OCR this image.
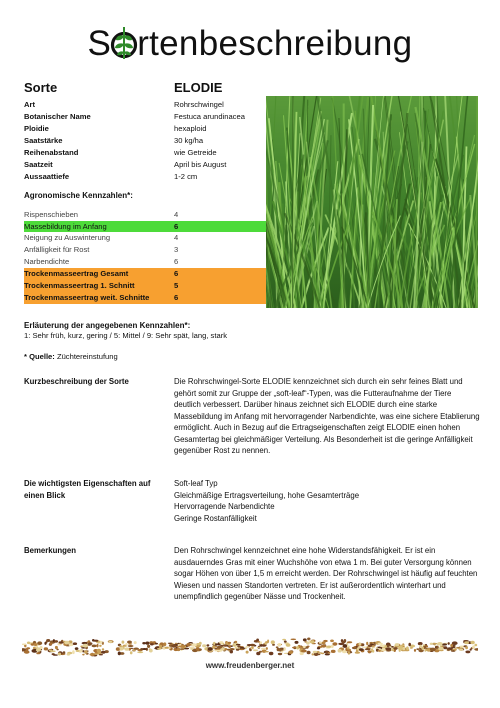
S rtenbeschreibung
Sorte	ELODIE
Art	Rohrschwingel
Botanischer Name	Festuca arundinacea
Ploidie	hexaploid
Saatstärke	30 kg/ha
Reihenabstand	wie Getreide
Saatzeit	April bis August
Aussaattiefe	1-2 cm
Agronomische Kennzahlen*:
Rispenschieben	4
Massebildung im Anfang	6
Neigung zu Auswinterung	4
Anfälligkeit für Rost	3
Narbendichte	6
Trockenmasseertrag Gesamt	6
Trockenmasseertrag 1. Schnitt	5
Trockenmasseertrag weit. Schnitte	6
Erläuterung der angegebenen Kennzahlen*:
1: Sehr früh, kurz, gering / 5: Mittel / 9: Sehr spät, lang, stark
* Quelle: Züchtereinstufung
Kurzbeschreibung der Sorte	Die Rohrschwingel-Sorte ELODIE kennzeichnet sich durch ein sehr feines Blatt und gehört somit zur Gruppe der „soft-leaf“-Typen, was die Futteraufnahme der Tiere deutlich verbessert. Darüber hinaus zeichnet sich ELODIE durch eine starke Massebildung im Anfang mit hervorragender Narbendichte, was eine sichere Etablierung ermöglicht. Auch in Bezug auf die Ertragseigenschaften zeigt ELODIE einen hohen Gesamtertag bei gleichmäßiger Verteilung. Als Besonderheit ist die geringe Anfälligkeit gegenüber Rost zu nennen.
Die wichtigsten Eigenschaften auf einen Blick
Soft-leaf Typ
Gleichmäßige Ertragsverteilung, hohe Gesamterträge
Hervorragende Narbendichte
Geringe Rostanfälligkeit
Bemerkungen	Den Rohrschwingel kennzeichnet eine hohe Widerstandsfähigkeit. Er ist ein ausdauerndes Gras mit einer Wuchshöhe von etwa 1 m. Bei guter Versorgung können sogar Höhen von über 1,5 m erreicht werden. Der Rohrschwingel ist häufig auf feuchten Wiesen und nassen Standorten vertreten. Er ist außerordentlich winterhart und unempfindlich gegenüber Nässe und Trockenheit.
www.freudenberger.net
